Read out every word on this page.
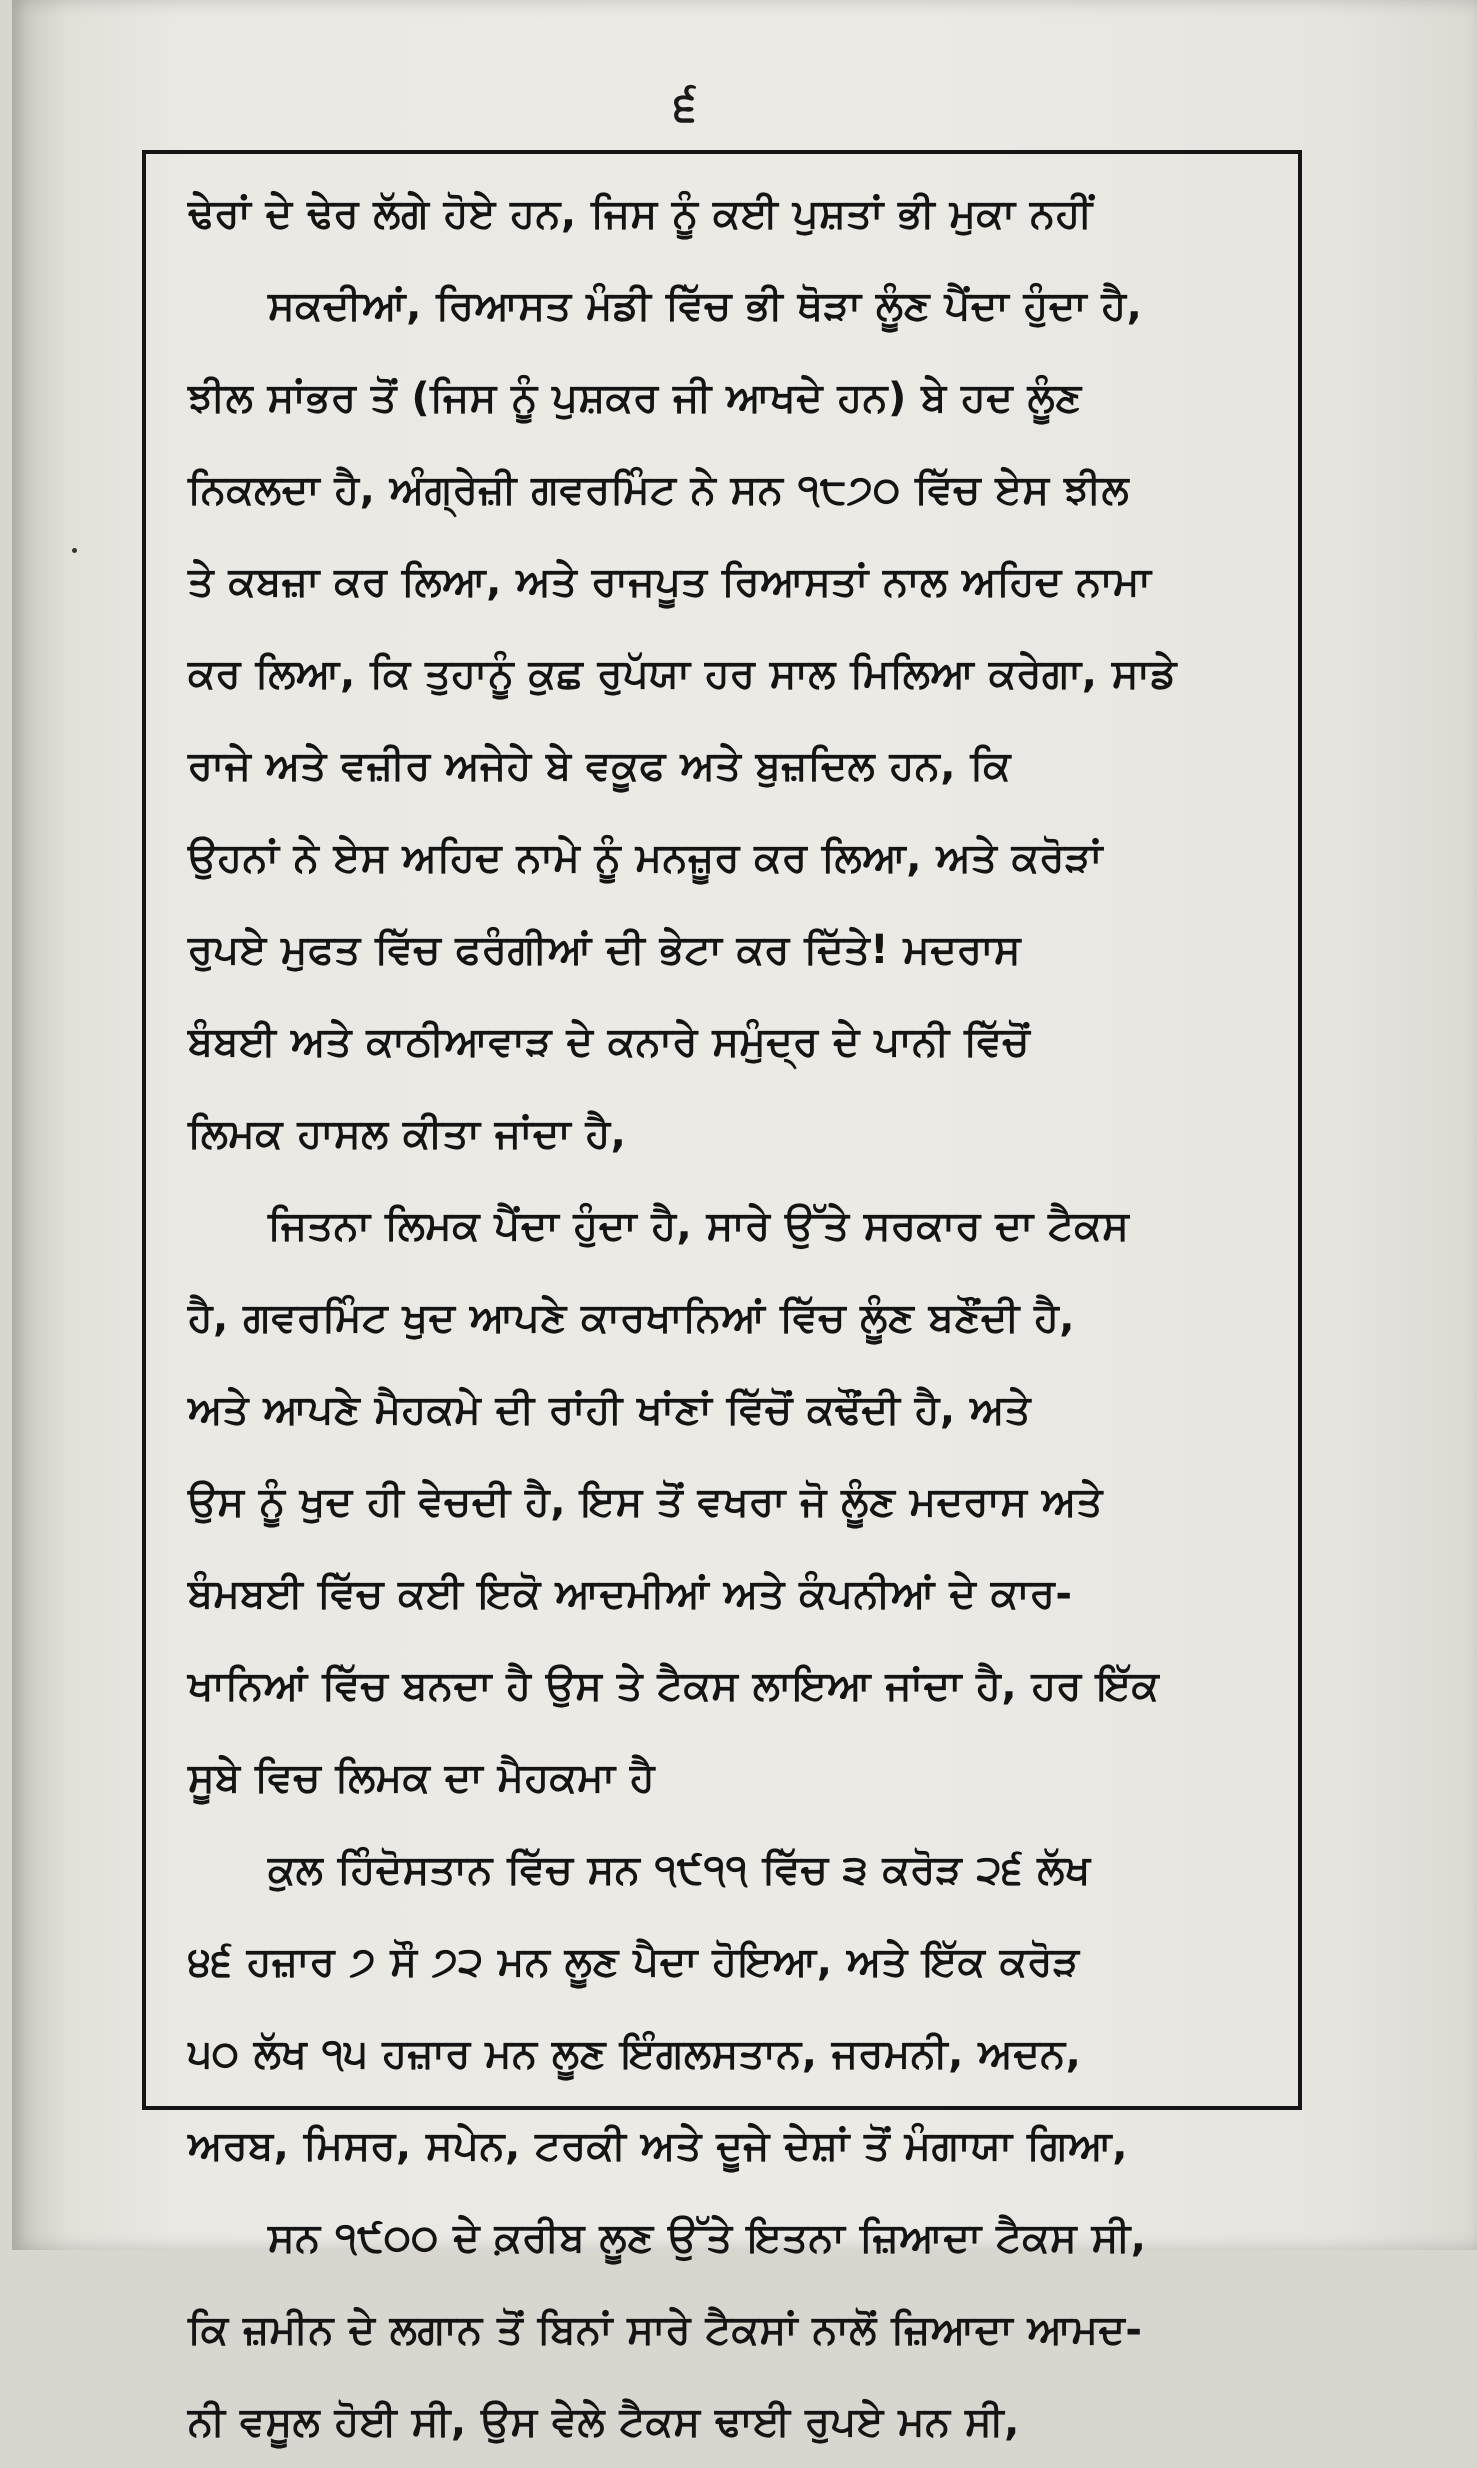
੬
ਢੇਰਾਂ ਦੇ ਢੇਰ ਲੱਗੇ ਹੋਏ ਹਨ, ਜਿਸ ਨੂੰ ਕਈ ਪੁਸ਼ਤਾਂ ਭੀ ਮੁਕਾ ਨਹੀਂ
ਸਕਦੀਆਂ, ਰਿਆਸਤ ਮੰਡੀ ਵਿੱਚ ਭੀ ਥੋੜਾ ਲੂੰਣ ਪੈਂਦਾ ਹੁੰਦਾ ਹੈ,
ਝੀਲ ਸਾਂਭਰ ਤੋਂ (ਜਿਸ ਨੂੰ ਪੁਸ਼ਕਰ ਜੀ ਆਖਦੇ ਹਨ) ਬੇ ਹਦ ਲੂੰਣ
ਨਿਕਲਦਾ ਹੈ, ਅੰਗ੍ਰੇਜ਼ੀ ਗਵਰਮਿੰਟ ਨੇ ਸਨ ੧੮੭੦ ਵਿੱਚ ਏਸ ਝੀਲ
ਤੇ ਕਬਜ਼ਾ ਕਰ ਲਿਆ, ਅਤੇ ਰਾਜਪੂਤ ਰਿਆਸਤਾਂ ਨਾਲ ਅਹਿਦ ਨਾਮਾ
ਕਰ ਲਿਆ, ਕਿ ਤੁਹਾਨੂੰ ਕੁਛ ਰੁਪੱਯਾ ਹਰ ਸਾਲ ਮਿਲਿਆ ਕਰੇਗਾ, ਸਾਡੇ
ਰਾਜੇ ਅਤੇ ਵਜ਼ੀਰ ਅਜੇਹੇ ਬੇ ਵਕੂਫ ਅਤੇ ਬੁਜ਼ਦਿਲ ਹਨ, ਕਿ
ਉਹਨਾਂ ਨੇ ਏਸ ਅਹਿਦ ਨਾਮੇ ਨੂੰ ਮਨਜ਼ੂਰ ਕਰ ਲਿਆ, ਅਤੇ ਕਰੋੜਾਂ
ਰੁਪਏ ਮੁਫਤ ਵਿੱਚ ਫਰੰਗੀਆਂ ਦੀ ਭੇਟਾ ਕਰ ਦਿੱਤੇ! ਮਦਰਾਸ
ਬੰਬਈ ਅਤੇ ਕਾਠੀਆਵਾੜ ਦੇ ਕਨਾਰੇ ਸਮੁੰਦ੍ਰ ਦੇ ਪਾਨੀ ਵਿੱਚੋਂ
ਲਿਮਕ ਹਾਸਲ ਕੀਤਾ ਜਾਂਦਾ ਹੈ,
ਜਿਤਨਾ ਲਿਮਕ ਪੈਂਦਾ ਹੁੰਦਾ ਹੈ, ਸਾਰੇ ਉੱਤੇ ਸਰਕਾਰ ਦਾ ਟੈਕਸ
ਹੈ, ਗਵਰਮਿੰਟ ਖੁਦ ਆਪਣੇ ਕਾਰਖਾਨਿਆਂ ਵਿੱਚ ਲੂੰਣ ਬਣੌਂਦੀ ਹੈ,
ਅਤੇ ਆਪਣੇ ਮੈਹਕਮੇ ਦੀ ਰਾਂਹੀ ਖਾਂਣਾਂ ਵਿੱਚੋਂ ਕਢੌਂਦੀ ਹੈ, ਅਤੇ
ਉਸ ਨੂੰ ਖੁਦ ਹੀ ਵੇਚਦੀ ਹੈ, ਇਸ ਤੋਂ ਵਖਰਾ ਜੋ ਲੂੰਣ ਮਦਰਾਸ ਅਤੇ
ਬੰਮਬਈ ਵਿੱਚ ਕਈ ਇਕੋ ਆਦਮੀਆਂ ਅਤੇ ਕੰਪਨੀਆਂ ਦੇ ਕਾਰ-
ਖਾਨਿਆਂ ਵਿੱਚ ਬਨਦਾ ਹੈ ਉਸ ਤੇ ਟੈਕਸ ਲਾਇਆ ਜਾਂਦਾ ਹੈ, ਹਰ ਇੱਕ
ਸੂਬੇ ਵਿਚ ਲਿਮਕ ਦਾ ਮੈਹਕਮਾ ਹੈ
ਕੁਲ ਹਿੰਦੋਸਤਾਨ ਵਿੱਚ ਸਨ ੧੯੧੧ ਵਿੱਚ ੩ ਕਰੋੜ ੨੬ ਲੱਖ
੪੬ ਹਜ਼ਾਰ ੭ ਸੌ ੭੨ ਮਨ ਲੂਣ ਪੈਦਾ ਹੋਇਆ, ਅਤੇ ਇੱਕ ਕਰੋੜ
੫੦ ਲੱਖ ੧੫ ਹਜ਼ਾਰ ਮਨ ਲੂਣ ਇੰਗਲਸਤਾਨ, ਜਰਮਨੀ, ਅਦਨ,
ਅਰਬ, ਮਿਸਰ, ਸਪੇਨ, ਟਰਕੀ ਅਤੇ ਦੂਜੇ ਦੇਸ਼ਾਂ ਤੋਂ ਮੰਗਾਯਾ ਗਿਆ,
ਸਨ ੧੯੦੦ ਦੇ ਕ਼ਰੀਬ ਲੂਣ ਉੱਤੇ ਇਤਨਾ ਜ਼ਿਆਦਾ ਟੈਕਸ ਸੀ,
ਕਿ ਜ਼ਮੀਨ ਦੇ ਲਗਾਨ ਤੋਂ ਬਿਨਾਂ ਸਾਰੇ ਟੈਕਸਾਂ ਨਾਲੋਂ ਜ਼ਿਆਦਾ ਆਮਦ-
ਨੀ ਵਸੂਲ ਹੋਈ ਸੀ, ਉਸ ਵੇਲੇ ਟੈਕਸ ਢਾਈ ਰੁਪਏ ਮਨ ਸੀ,
